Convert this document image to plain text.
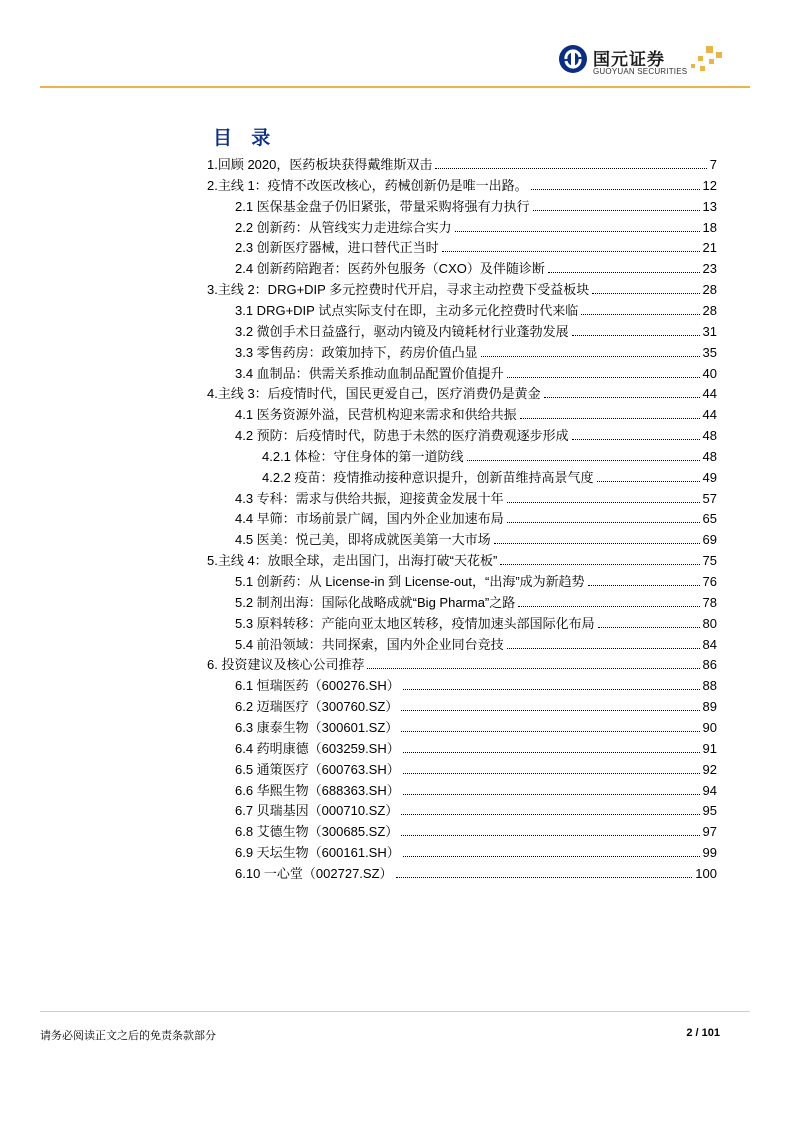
国元证券
GUOYUAN SECURITIES
目 录
1.回顾 2020，医药板块获得戴维斯双击	7
2.主线 1：疫情不改医改核心，药械创新仍是唯一出路。	12
2.1 医保基金盘子仍旧紧张，带量采购将强有力执行	13
2.2 创新药：从管线实力走进综合实力	18
2.3 创新医疗器械，进口替代正当时	21
2.4 创新药陪跑者：医药外包服务（CXO）及伴随诊断	23
3.主线 2：DRG+DIP 多元控费时代开启，寻求主动控费下受益板块	28
3.1 DRG+DIP 试点实际支付在即，主动多元化控费时代来临	28
3.2 微创手术日益盛行，驱动内镜及内镜耗材行业蓬勃发展	31
3.3 零售药房：政策加持下，药房价值凸显	35
3.4 血制品：供需关系推动血制品配置价值提升	40
4.主线 3：后疫情时代，国民更爱自己，医疗消费仍是黄金	44
4.1 医务资源外溢，民营机构迎来需求和供给共振	44
4.2 预防：后疫情时代，防患于未然的医疗消费观逐步形成	48
4.2.1 体检：守住身体的第一道防线	48
4.2.2 疫苗：疫情推动接种意识提升，创新苗维持高景气度	49
4.3 专科：需求与供给共振，迎接黄金发展十年	57
4.4 早筛：市场前景广阔，国内外企业加速布局	65
4.5 医美：悦己美，即将成就医美第一大市场	69
5.主线 4：放眼全球，走出国门，出海打破“天花板”	75
5.1 创新药：从 License-in 到 License-out，“出海”成为新趋势	76
5.2 制剂出海：国际化战略成就“Big Pharma”之路	78
5.3 原料转移：产能向亚太地区转移，疫情加速头部国际化布局	80
5.4 前沿领域：共同探索，国内外企业同台竞技	84
6. 投资建议及核心公司推荐	86
6.1 恒瑞医药（600276.SH）	88
6.2 迈瑞医疗（300760.SZ）	89
6.3 康泰生物（300601.SZ）	90
6.4 药明康德（603259.SH）	91
6.5 通策医疗（600763.SH）	92
6.6 华熙生物（688363.SH）	94
6.7 贝瑞基因（000710.SZ）	95
6.8 艾德生物（300685.SZ）	97
6.9 天坛生物（600161.SH）	99
6.10 一心堂（002727.SZ）	100
请务必阅读正文之后的免责条款部分	2 / 101
